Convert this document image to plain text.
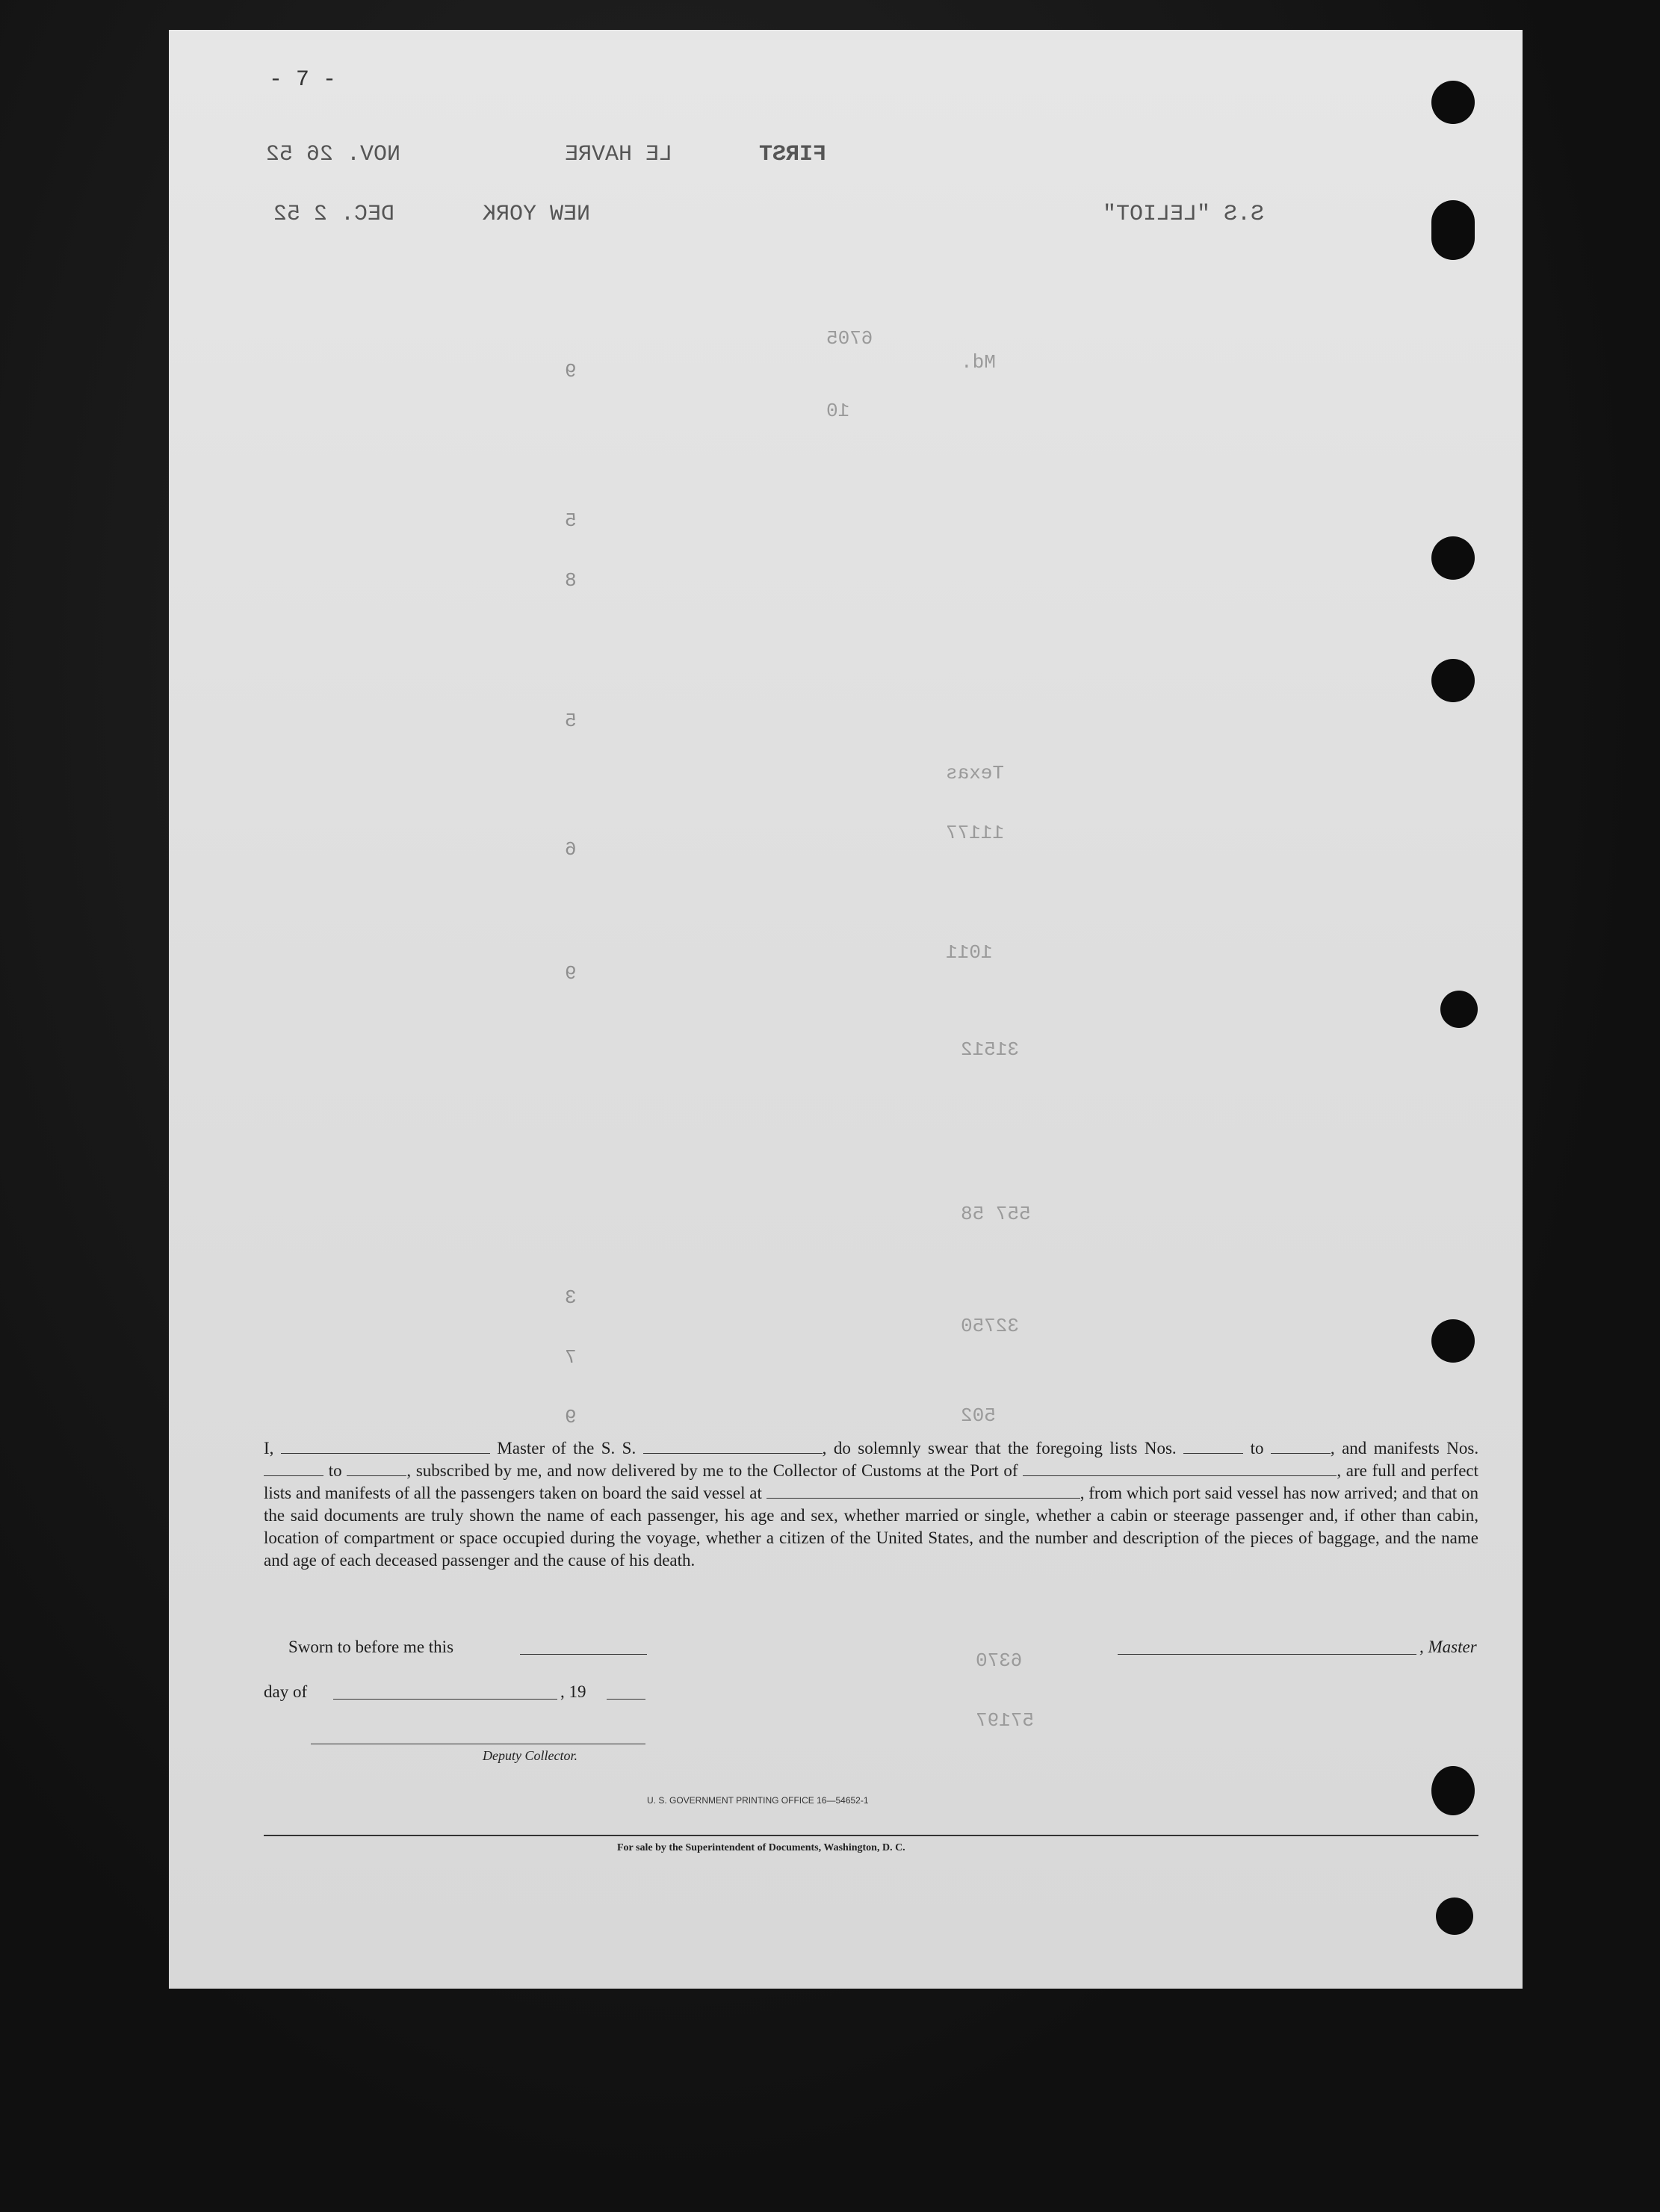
- 7 -
FIRST
LE HAVRE
NOV. 26 52
S.S "LELIOT"
NEW YORK
DEC. 2 52
6705
Md.
10
Texas
11177
1011
31512
557 58
32750
502
6370
57197
9
5
8
5
6
9
3
7
9
I,	Master of the S. S.	, do solemnly swear that the foregoing lists Nos.	to	, and manifests Nos.  to	, subscribed by me, and now delivered by me to the Collector of Customs at the Port of	, are full and perfect lists and manifests of all the passengers taken on board the said vessel at	, from which port said vessel has now arrived; and that on the said documents are truly shown the name of each passenger, his age and sex, whether married or single, whether a cabin or steerage passenger and, if other than cabin, location of compartment or space occupied during the voyage, whether a citizen of the United States, and the number and description of the pieces of baggage, and the name and age of each deceased passenger and the cause of his death.
Sworn to before me this	, Master
day of	, 19
Deputy Collector.
U. S. GOVERNMENT PRINTING OFFICE 16—54652-1
For sale by the Superintendent of Documents, Washington, D. C.
